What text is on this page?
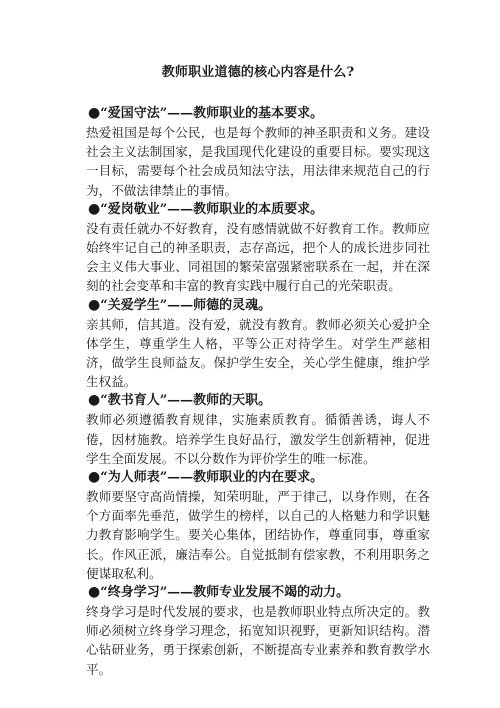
教师职业道德的核心内容是什么?
●“爱国守法”——教师职业的基本要求。

热爱祖国是每个公民，也是每个教师的神圣职责和义务。建设社会主义法制国家，是我国现代化建设的重要目标。要实现这一目标，需要每个社会成员知法守法，用法律来规范自己的行为，不做法律禁止的事情。

●“爱岗敬业”——教师职业的本质要求。

没有责任就办不好教育，没有感情就做不好教育工作。教师应始终牢记自己的神圣职责，志存高远，把个人的成长进步同社会主义伟大事业、同祖国的繁荣富强紧密联系在一起，并在深刻的社会变革和丰富的教育实践中履行自己的光荣职责。

●“关爱学生”——师德的灵魂。

亲其师，信其道。没有爱，就没有教育。教师必须关心爱护全体学生，尊重学生人格，平等公正对待学生。对学生严慈相济，做学生良师益友。保护学生安全，关心学生健康，维护学生权益。

●“教书育人”——教师的天职。

教师必须遵循教育规律，实施素质教育。循循善诱，诲人不倦，因材施教。培养学生良好品行，激发学生创新精神，促进学生全面发展。不以分数作为评价学生的唯一标准。

●“为人师表”——教师职业的内在要求。

教师要坚守高尚情操，知荣明耻，严于律己，以身作则，在各个方面率先垂范，做学生的榜样，以自己的人格魅力和学识魅力教育影响学生。要关心集体，团结协作，尊重同事，尊重家长。作风正派，廉洁奉公。自觉抵制有偿家教，不利用职务之便谋取私利。

●“终身学习”——教师专业发展不竭的动力。

终身学习是时代发展的要求，也是教师职业特点所决定的。教师必须树立终身学习理念，拓宽知识视野，更新知识结构。潜心钻研业务，勇于探索创新，不断提高专业素养和教育教学水平。
